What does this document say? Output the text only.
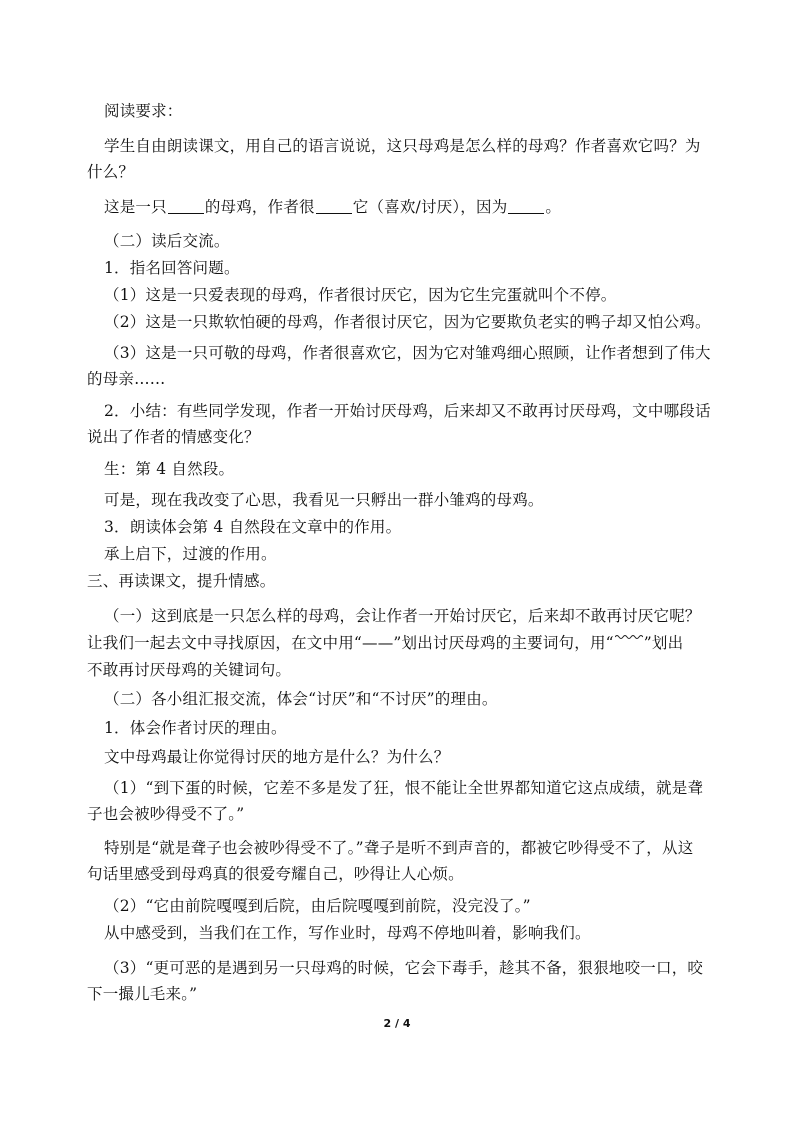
阅读要求：
学生自由朗读课文，用自己的语言说说，这只母鸡是怎么样的母鸡？作者喜欢它吗？为
什么？
这是一只 的母鸡，作者很 它（喜欢/讨厌），因为 。
（二）读后交流。
1．指名回答问题。
（1）这是一只爱表现的母鸡，作者很讨厌它，因为它生完蛋就叫个不停。
（2）这是一只欺软怕硬的母鸡，作者很讨厌它，因为它要欺负老实的鸭子却又怕公鸡。
（3）这是一只可敬的母鸡，作者很喜欢它，因为它对雏鸡细心照顾，让作者想到了伟大
的母亲……
2．小结：有些同学发现，作者一开始讨厌母鸡，后来却又不敢再讨厌母鸡，文中哪段话
说出了作者的情感变化？
生：第 4 自然段。
可是，现在我改变了心思，我看见一只孵出一群小雏鸡的母鸡。
3．朗读体会第 4 自然段在文章中的作用。
承上启下，过渡的作用。
三、再读课文，提升情感。
（一）这到底是一只怎么样的母鸡，会让作者一开始讨厌它，后来却不敢再讨厌它呢？
让我们一起去文中寻找原因，在文中用“——”划出讨厌母鸡的主要词句，用“ ”划出
不敢再讨厌母鸡的关键词句。
（二）各小组汇报交流，体会“讨厌”和“不讨厌”的理由。
1．体会作者讨厌的理由。
文中母鸡最让你觉得讨厌的地方是什么？为什么？
（1）“到下蛋的时候，它差不多是发了狂，恨不能让全世界都知道它这点成绩，就是聋
子也会被吵得受不了。”
特别是“就是聋子也会被吵得受不了。”聋子是听不到声音的，都被它吵得受不了，从这
句话里感受到母鸡真的很爱夸耀自己，吵得让人心烦。
（2）“它由前院嘎嘎到后院，由后院嘎嘎到前院，没完没了。”
从中感受到，当我们在工作，写作业时，母鸡不停地叫着，影响我们。
（3）“更可恶的是遇到另一只母鸡的时候，它会下毒手，趁其不备，狠狠地咬一口，咬
下一撮儿毛来。”
2 / 4
